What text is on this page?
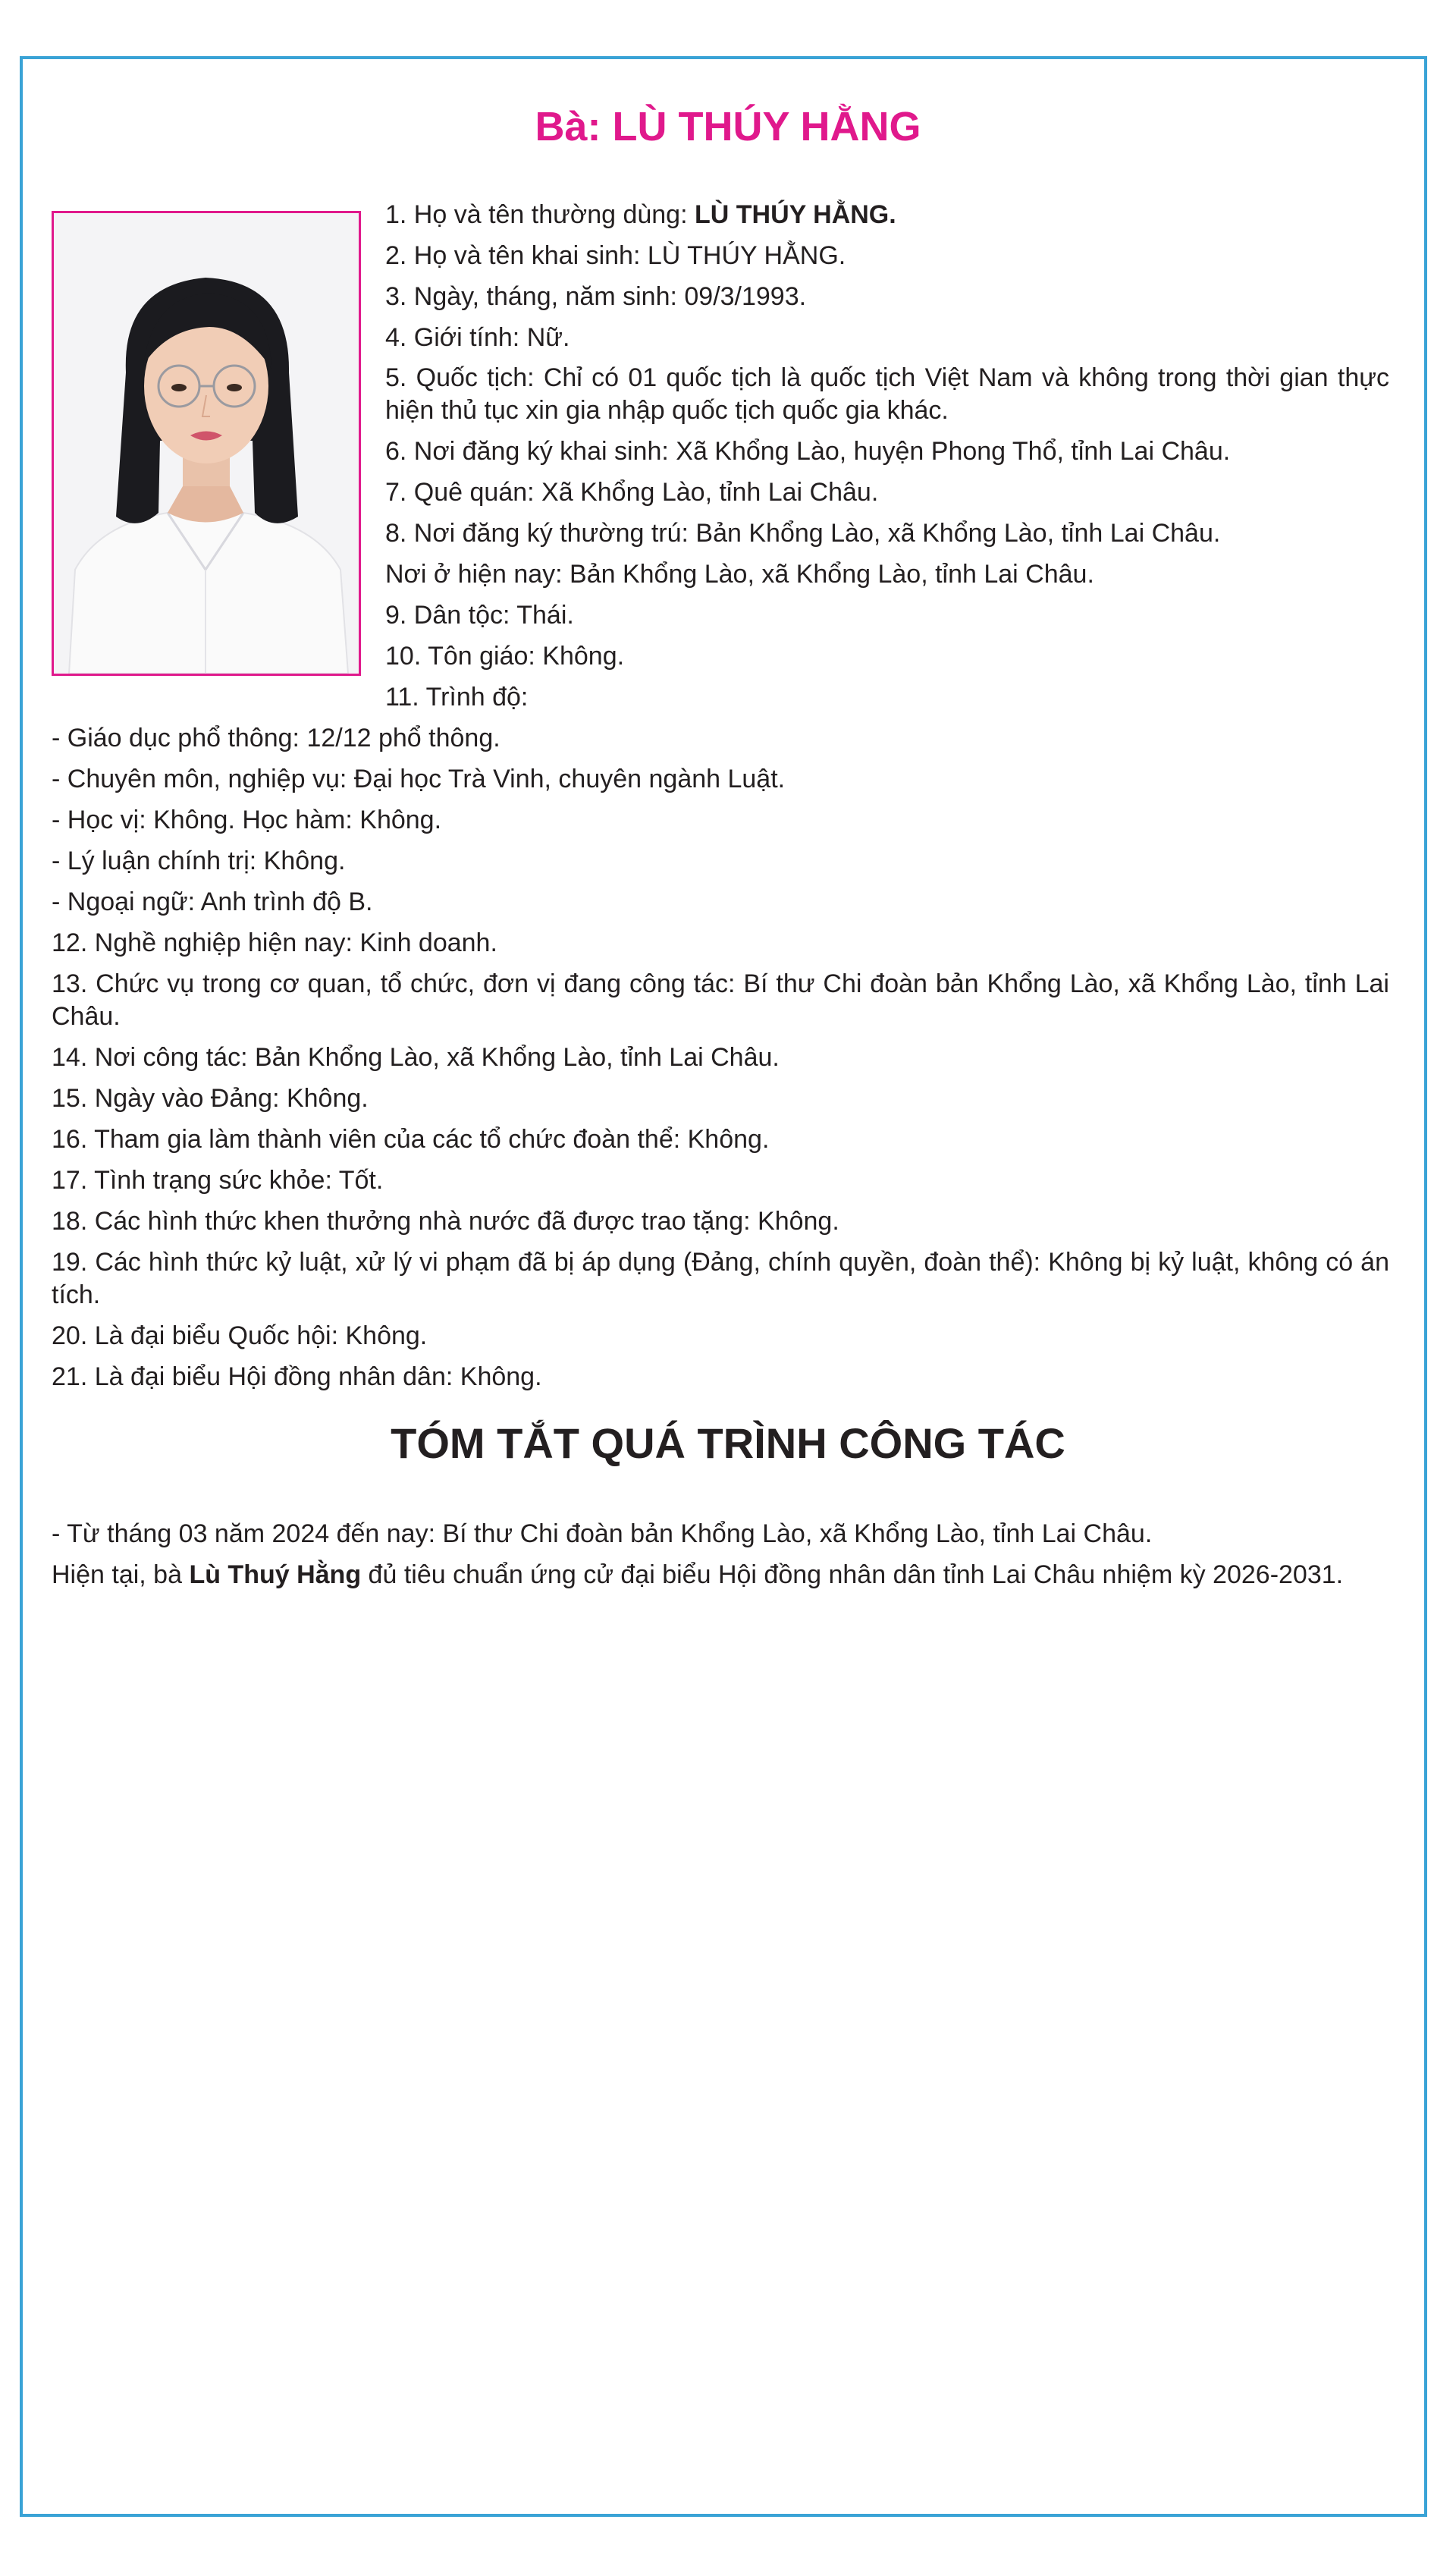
Bà: LÙ THÚY HẰNG

1. Họ và tên thường dùng: LÙ THÚY HẰNG.

2. Họ và tên khai sinh: LÙ THÚY HẰNG.

3. Ngày, tháng, năm sinh: 09/3/1993.

4. Giới tính: Nữ.

5. Quốc tịch: Chỉ có 01 quốc tịch là quốc tịch Việt Nam và không trong thời gian thực hiện thủ tục xin gia nhập quốc tịch quốc gia khác.

6. Nơi đăng ký khai sinh: Xã Khổng Lào, huyện Phong Thổ, tỉnh Lai Châu.

7. Quê quán: Xã Khổng Lào, tỉnh Lai Châu.

8. Nơi đăng ký thường trú: Bản Khổng Lào, xã Khổng Lào, tỉnh Lai Châu.

Nơi ở hiện nay: Bản Khổng Lào, xã Khổng Lào, tỉnh Lai Châu.

9. Dân tộc: Thái.

10. Tôn giáo: Không.

11. Trình độ:

- Giáo dục phổ thông: 12/12 phổ thông.

- Chuyên môn, nghiệp vụ: Đại học Trà Vinh, chuyên ngành Luật.

- Học vị: Không. Học hàm: Không.

- Lý luận chính trị: Không.

- Ngoại ngữ: Anh trình độ B.

12. Nghề nghiệp hiện nay: Kinh doanh.

13. Chức vụ trong cơ quan, tổ chức, đơn vị đang công tác: Bí thư Chi đoàn bản Khổng Lào, xã Khổng Lào, tỉnh Lai Châu.

14. Nơi công tác: Bản Khổng Lào, xã Khổng Lào, tỉnh Lai Châu.

15. Ngày vào Đảng: Không.

16. Tham gia làm thành viên của các tổ chức đoàn thể: Không.

17. Tình trạng sức khỏe: Tốt.

18. Các hình thức khen thưởng nhà nước đã được trao tặng: Không.

19. Các hình thức kỷ luật, xử lý vi phạm đã bị áp dụng (Đảng, chính quyền, đoàn thể): Không bị kỷ luật, không có án tích.

20. Là đại biểu Quốc hội: Không.

21. Là đại biểu Hội đồng nhân dân: Không.

TÓM TẮT QUÁ TRÌNH CÔNG TÁC

- Từ tháng 03 năm 2024 đến nay: Bí thư Chi đoàn bản Khổng Lào, xã Khổng Lào, tỉnh Lai Châu.

Hiện tại, bà Lù Thuý Hằng đủ tiêu chuẩn ứng cử đại biểu Hội đồng nhân dân tỉnh Lai Châu nhiệm kỳ 2026-2031.
